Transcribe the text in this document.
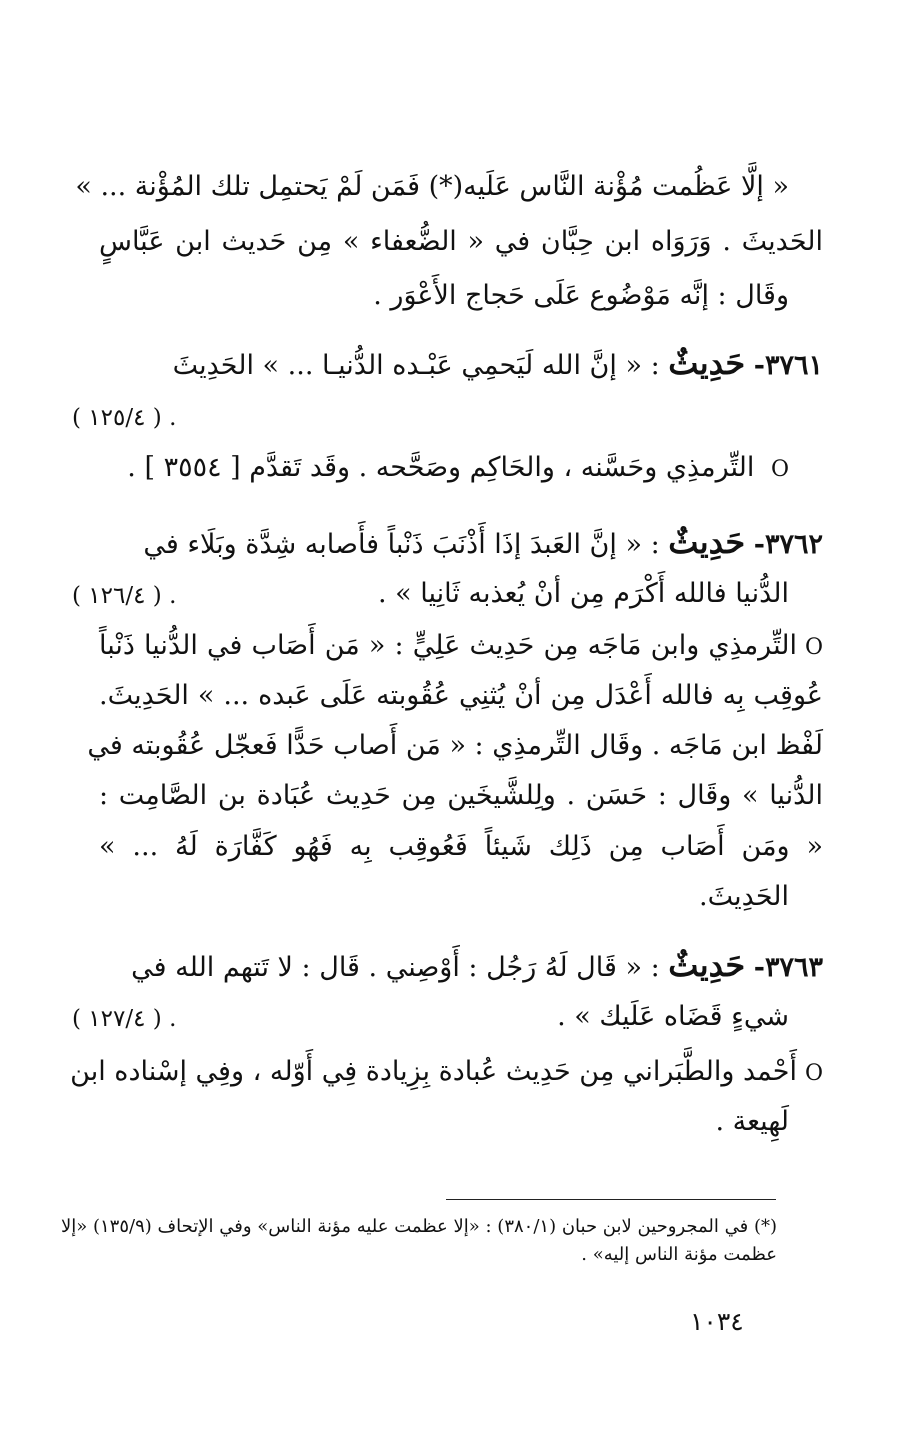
« إلَّا عَظُمت مُؤْنة النَّاس عَلَيه(*) فَمَن لَمْ يَحتمِل تلك المُؤْنة ... »
الحَديثَ . وَرَوَاه ابن حِبَّان في « الضُّعفاء » مِن حَديث ابن عَبَّاسٍ
وقَال : إنَّه مَوْضُوع عَلَى حَجاج الأَعْوَر .
٣٧٦١- حَدِيثٌ : « إنَّ الله لَيَحمِي عَبْـده الدُّنيـا ... » الحَدِيثَ
. ( ١٢٥/٤ )
O التِّرمذِي وحَسَّنه ، والحَاكِم وصَحَّحه . وقَد تَقدَّم [ ٣٥٥٤ ] .
٣٧٦٢- حَدِيثٌ : « إنَّ العَبدَ إذَا أَذْنَبَ ذَنْباً فأَصابه شِدَّة وبَلَاء في
الدُّنيا فالله أَكْرَم مِن أنْ يُعذبه ثَانِيا » .
. ( ١٢٦/٤ )
Oالتِّرمذِي وابن مَاجَه مِن حَدِيث عَلِيٍّ : « مَن أَصَاب في الدُّنيا ذَنْباً
عُوقِب بِه فالله أَعْدَل مِن أنْ يُثنِي عُقُوبته عَلَى عَبده ... » الحَدِيثَ.
لَفْظ ابن مَاجَه . وقَال التِّرمذِي : « مَن أَصاب حَدًّا فَعجّل عُقُوبته في
الدُّنيا » وقَال : حَسَن . ولِلشَّيخَين مِن حَدِيث عُبَادة بن الصَّامِت :
« ومَن أَصَاب مِن ذَلِك شَيئاً فَعُوقِب بِه فَهُو كَفَّارَة لَهُ ... »
الحَدِيثَ.
٣٧٦٣- حَدِيثٌ : « قَال لَهُ رَجُل : أَوْصِني . قَال : لا تَتهم الله في
شيءٍ قَضَاه عَلَيك » .
. ( ١٢٧/٤ )
Oأَحْمد والطَّبَراني مِن حَدِيث عُبادة بِزِيادة فِي أَوّله ، وفِي إسْناده ابن
لَهِيعة .
(*) في المجروحين لابن حبان (٣٨٠/١) : «إلا عظمت عليه مؤنة الناس» وفي الإتحاف (١٣٥/٩) «إلا
عظمت مؤنة الناس إليه» .
١٠٣٤
